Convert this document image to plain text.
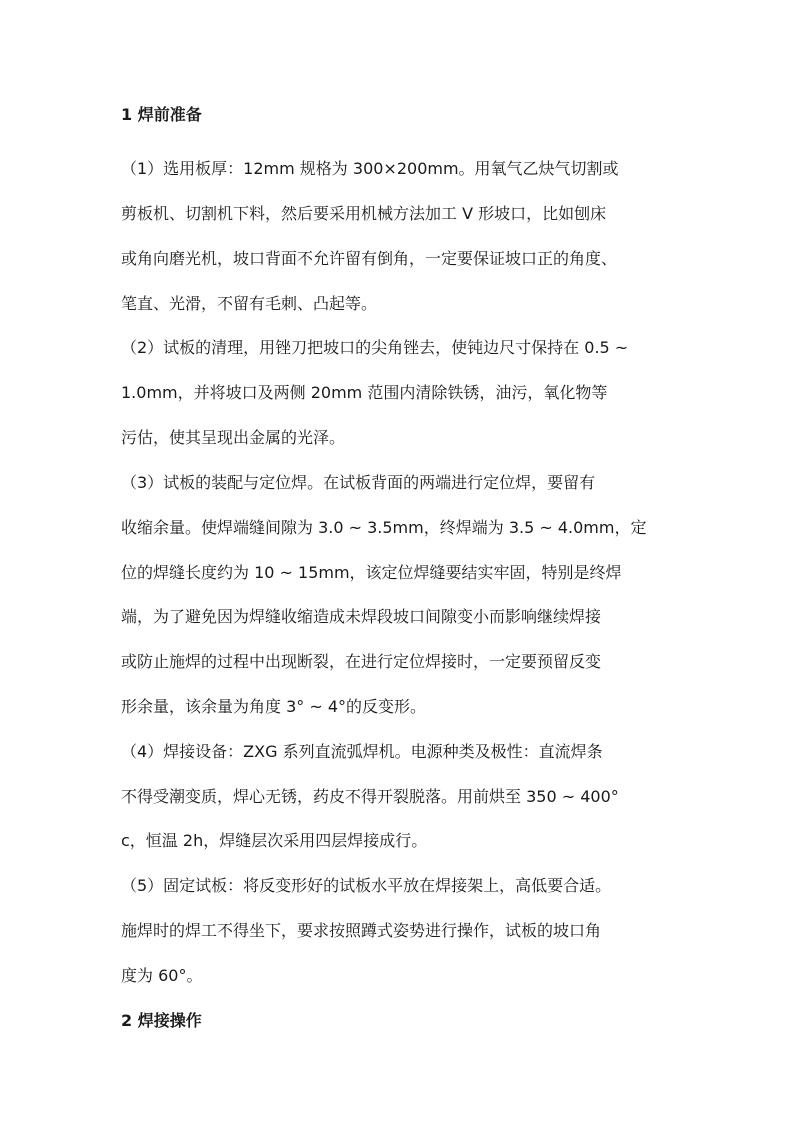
1 焊前准备
（1）选用板厚：12mm 规格为 300×200mm。用氧气乙炔气切割或
剪板机、切割机下料，然后要采用机械方法加工 V 形坡口，比如刨床
或角向磨光机，坡口背面不允许留有倒角，一定要保证坡口正的角度、
笔直、光滑，不留有毛刺、凸起等。
（2）试板的清理，用锉刀把坡口的尖角锉去，使钝边尺寸保持在 0.5 ~
1.0mm，并将坡口及两侧 20mm 范围内清除铁锈，油污，氧化物等
污估，使其呈现出金属的光泽。
（3）试板的装配与定位焊。在试板背面的两端进行定位焊，要留有
收缩余量。使焊端缝间隙为 3.0 ~ 3.5mm，终焊端为 3.5 ~ 4.0mm，定
位的焊缝长度约为 10 ~ 15mm，该定位焊缝要结实牢固，特别是终焊
端，为了避免因为焊缝收缩造成未焊段坡口间隙变小而影响继续焊接
或防止施焊的过程中出现断裂，在进行定位焊接时，一定要预留反变
形余量，该余量为角度 3° ~ 4°的反变形。
（4）焊接设备：ZXG 系列直流弧焊机。电源种类及极性：直流焊条
不得受潮变质，焊心无锈，药皮不得开裂脱落。用前烘至 350 ~ 400°
c，恒温 2h，焊缝层次采用四层焊接成行。
（5）固定试板：将反变形好的试板水平放在焊接架上，高低要合适。
施焊时的焊工不得坐下，要求按照蹲式姿势进行操作，试板的坡口角
度为 60°。
2 焊接操作
